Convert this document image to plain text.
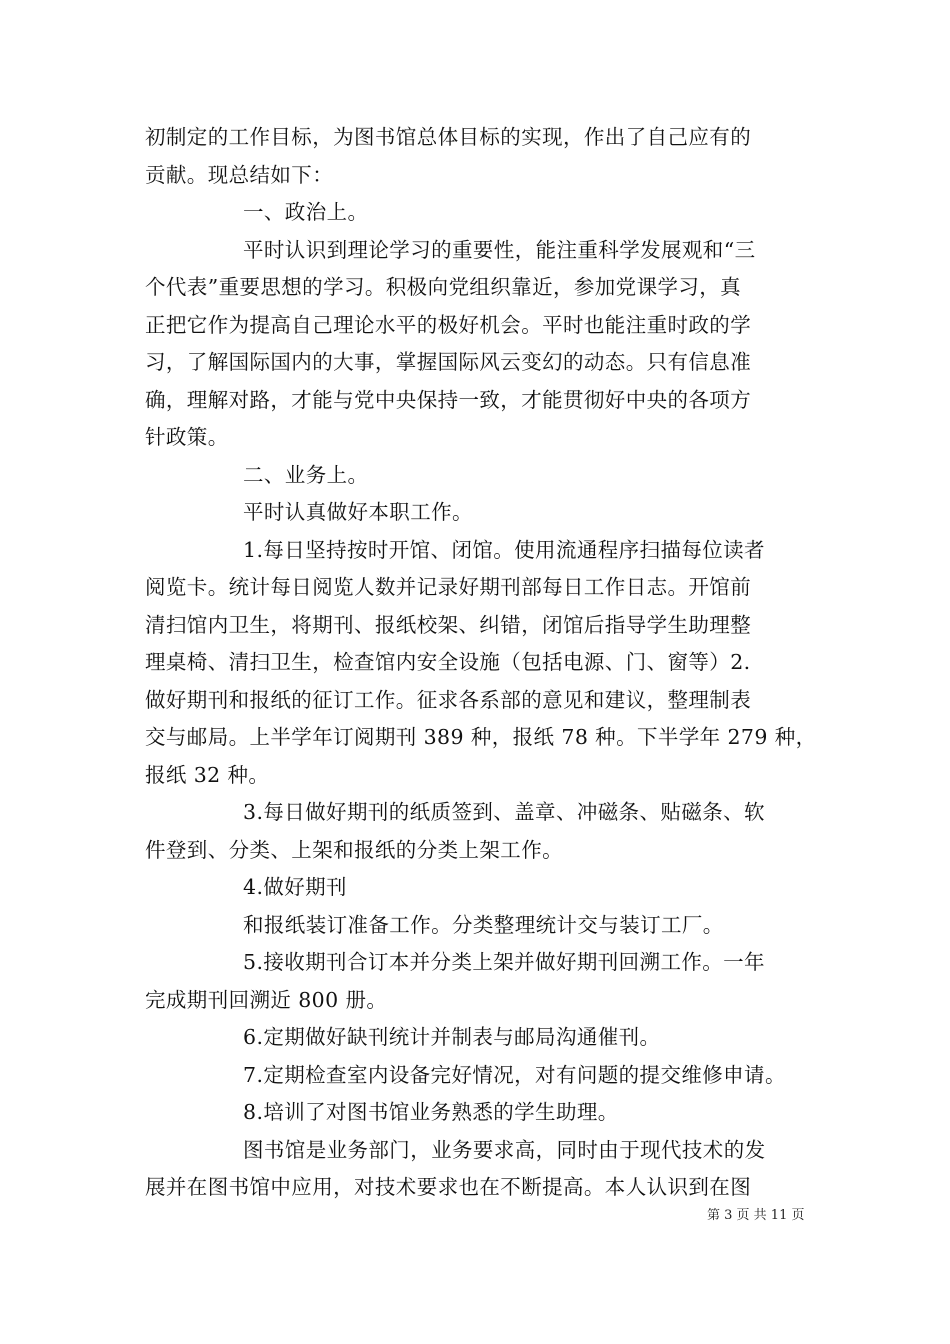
初制定的工作目标，为图书馆总体目标的实现，作出了自己应有的
贡献。现总结如下：
一、政治上。
平时认识到理论学习的重要性，能注重科学发展观和“三
个代表”重要思想的学习。积极向党组织靠近，参加党课学习，真
正把它作为提高自己理论水平的极好机会。平时也能注重时政的学
习，了解国际国内的大事，掌握国际风云变幻的动态。只有信息准
确，理解对路，才能与党中央保持一致，才能贯彻好中央的各项方
针政策。
二、业务上。
平时认真做好本职工作。
1.每日坚持按时开馆、闭馆。使用流通程序扫描每位读者
阅览卡。统计每日阅览人数并记录好期刊部每日工作日志。开馆前
清扫馆内卫生，将期刊、报纸校架、纠错，闭馆后指导学生助理整
理桌椅、清扫卫生，检查馆内安全设施（包括电源、门、窗等）2.
做好期刊和报纸的征订工作。征求各系部的意见和建议，整理制表
交与邮局。上半学年订阅期刊 389 种，报纸 78 种。下半学年 279 种，
报纸 32 种。
3.每日做好期刊的纸质签到、盖章、冲磁条、贴磁条、软
件登到、分类、上架和报纸的分类上架工作。
4.做好期刊
和报纸装订准备工作。分类整理统计交与装订工厂。
5.接收期刊合订本并分类上架并做好期刊回溯工作。一年
完成期刊回溯近 800 册。
6.定期做好缺刊统计并制表与邮局沟通催刊。
7.定期检查室内设备完好情况，对有问题的提交维修申请。
8.培训了对图书馆业务熟悉的学生助理。
图书馆是业务部门，业务要求高，同时由于现代技术的发
展并在图书馆中应用，对技术要求也在不断提高。本人认识到在图
第 3 页 共 11 页
